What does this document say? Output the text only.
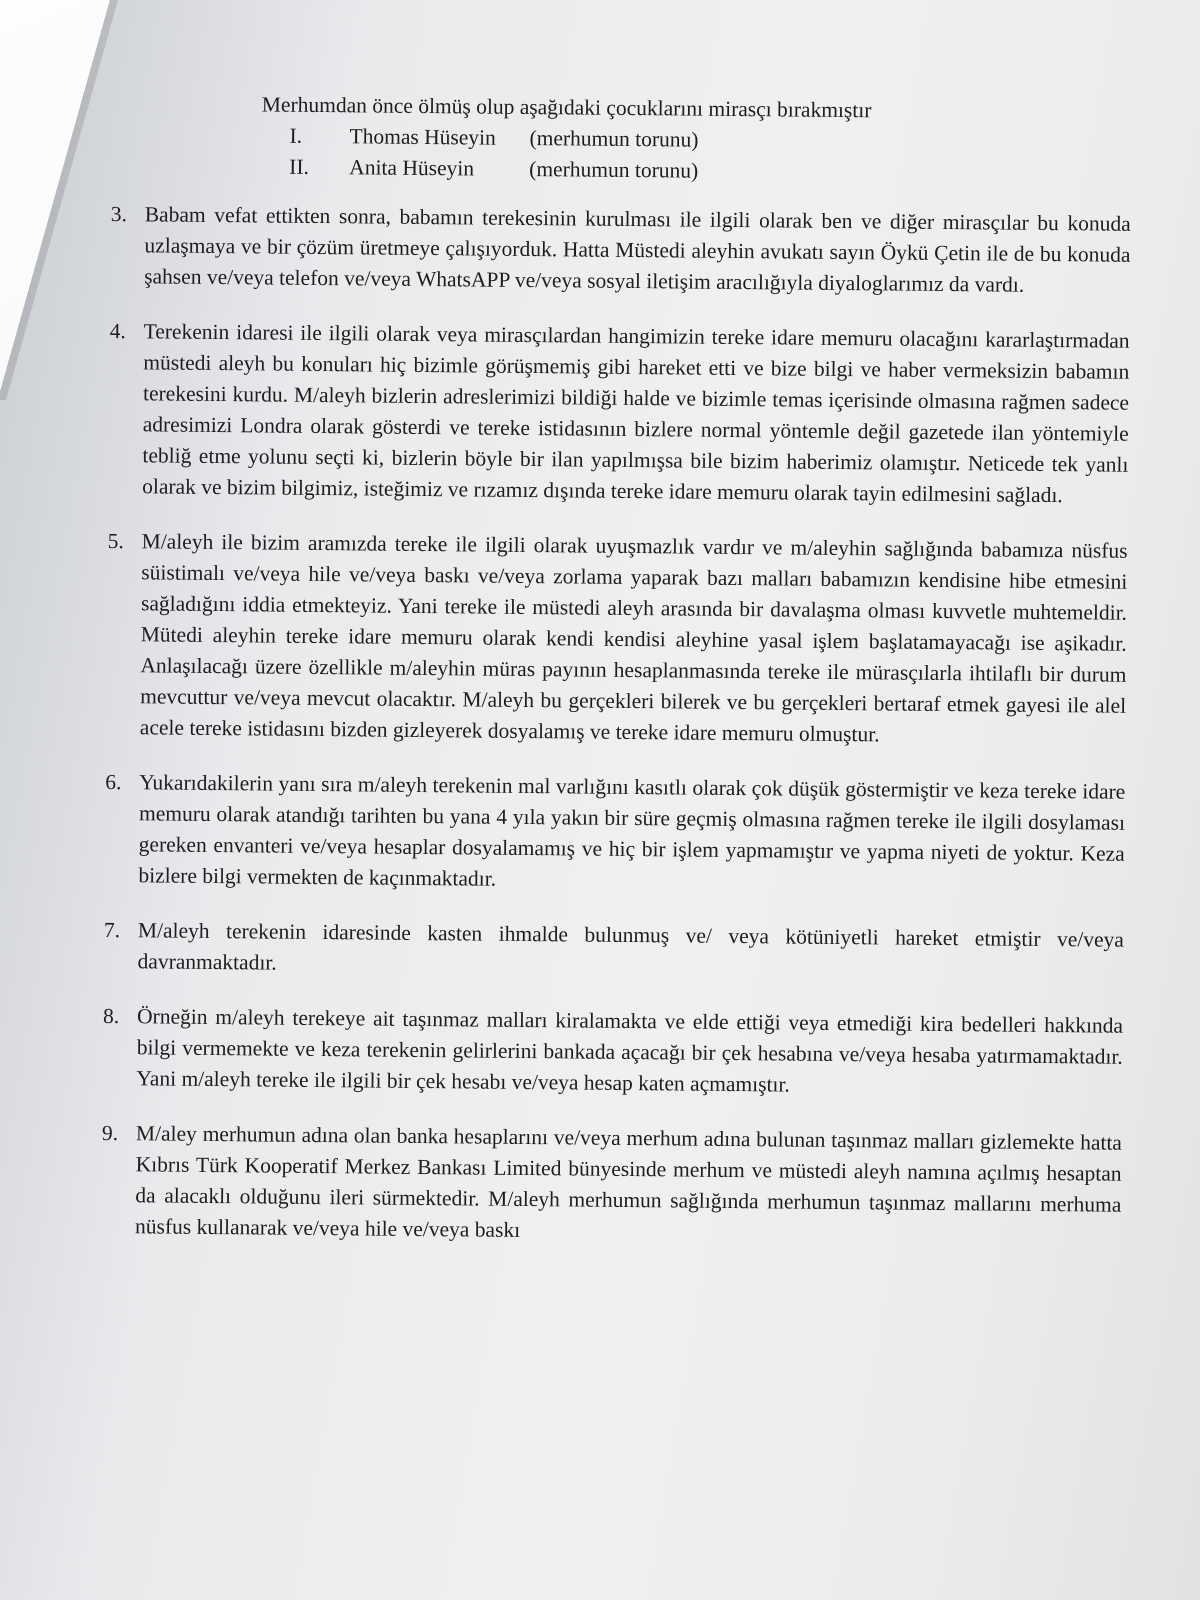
Merhumdan önce ölmüş olup aşağıdaki çocuklarını mirasçı bırakmıştır
I.	Thomas Hüseyin	(merhumun torunu)
II.	Anita Hüseyin	(merhumun torunu)
3. Babam vefat ettikten sonra, babamın terekesinin kurulması ile ilgili olarak ben ve diğer mirasçılar bu konuda uzlaşmaya ve bir çözüm üretmeye çalışıyorduk. Hatta Müstedi aleyhin avukatı sayın Öykü Çetin ile de bu konuda şahsen ve/veya telefon ve/veya WhatsAPP ve/veya sosyal iletişim aracılığıyla diyaloglarımız da vardı.
4. Terekenin idaresi ile ilgili olarak veya mirasçılardan hangimizin tereke idare memuru olacağını kararlaştırmadan müstedi aleyh bu konuları hiç bizimle görüşmemiş gibi hareket etti ve bize bilgi ve haber vermeksizin babamın terekesini kurdu. M/aleyh bizlerin adreslerimizi bildiği halde ve bizimle temas içerisinde olmasına rağmen sadece adresimizi Londra olarak gösterdi ve tereke istidasının bizlere normal yöntemle değil gazetede ilan yöntemiyle tebliğ etme yolunu seçti ki, bizlerin böyle bir ilan yapılmışsa bile bizim haberimiz olamıştır. Neticede tek yanlı olarak ve bizim bilgimiz, isteğimiz ve rızamız dışında tereke idare memuru olarak tayin edilmesini sağladı.
5. M/aleyh ile bizim aramızda tereke ile ilgili olarak uyuşmazlık vardır ve m/aleyhin sağlığında babamıza nüsfus süistimalı ve/veya hile ve/veya baskı ve/veya zorlama yaparak bazı malları babamızın kendisine hibe etmesini sağladığını iddia etmekteyiz. Yani tereke ile müstedi aleyh arasında bir davalaşma olması kuvvetle muhtemeldir. Mütedi aleyhin tereke idare memuru olarak kendi kendisi aleyhine yasal işlem başlatamayacağı ise aşikadır. Anlaşılacağı üzere özellikle m/aleyhin müras payının hesaplanmasında tereke ile mürasçılarla ihtilaflı bir durum mevcuttur ve/veya mevcut olacaktır. M/aleyh bu gerçekleri bilerek ve bu gerçekleri bertaraf etmek gayesi ile alel acele tereke istidasını bizden gizleyerek dosyalamış ve tereke idare memuru olmuştur.
6. Yukarıdakilerin yanı sıra m/aleyh terekenin mal varlığını kasıtlı olarak çok düşük göstermiştir ve keza tereke idare memuru olarak atandığı tarihten bu yana 4 yıla yakın bir süre geçmiş olmasına rağmen tereke ile ilgili dosylaması gereken envanteri ve/veya hesaplar dosyalamamış ve hiç bir işlem yapmamıştır ve yapma niyeti de yoktur. Keza bizlere bilgi vermekten de kaçınmaktadır.
7. M/aleyh terekenin idaresinde kasten ihmalde bulunmuş ve/ veya kötüniyetli hareket etmiştir ve/veya davranmaktadır.
8. Örneğin m/aleyh terekeye ait taşınmaz malları kiralamakta ve elde ettiği veya etmediği kira bedelleri hakkında bilgi vermemekte ve keza terekenin gelirlerini bankada açacağı bir çek hesabına ve/veya hesaba yatırmamaktadır. Yani m/aleyh tereke ile ilgili bir çek hesabı ve/veya hesap katen açmamıştır.
9. M/aley merhumun adına olan banka hesaplarını ve/veya merhum adına bulunan taşınmaz malları gizlemekte hatta Kıbrıs Türk Kooperatif Merkez Bankası Limited bünyesinde merhum ve müstedi aleyh namına açılmış hesaptan da alacaklı olduğunu ileri sürmektedir. M/aleyh merhumun sağlığında merhumun taşınmaz mallarını merhuma nüsfus kullanarak ve/veya hile ve/veya baskı
